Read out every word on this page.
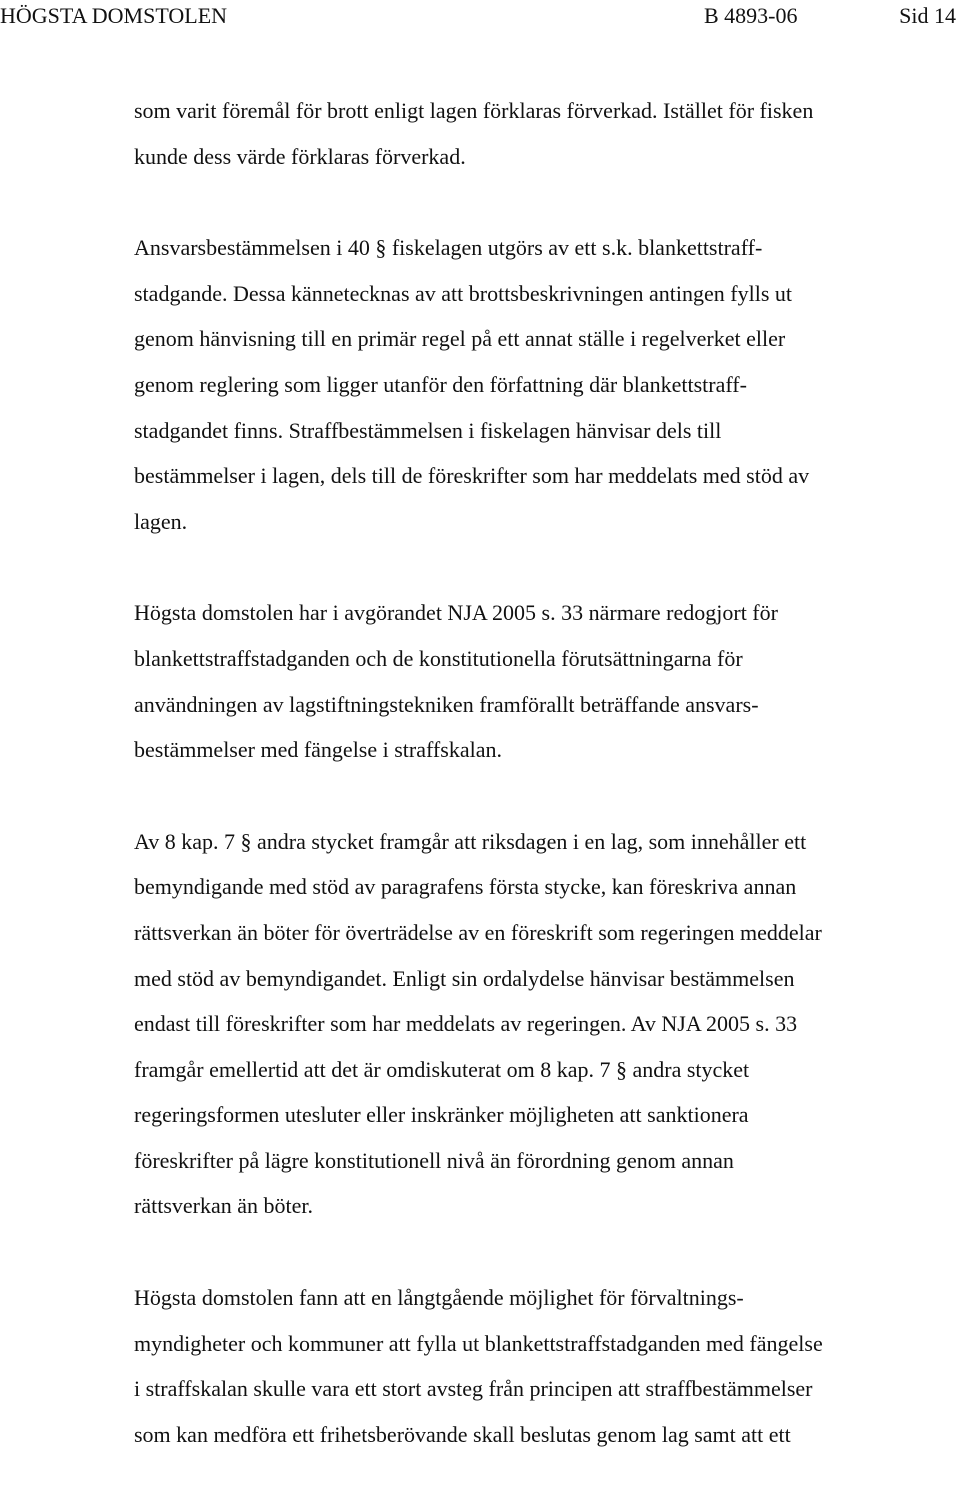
HÖGSTA DOMSTOLEN	B 4893-06	Sid 14
som varit föremål för brott enligt lagen förklaras förverkad. Istället för fisken
kunde dess värde förklaras förverkad.
Ansvarsbestämmelsen i 40 § fiskelagen utgörs av ett s.k. blankettstraff-
stadgande. Dessa kännetecknas av att brottsbeskrivningen antingen fylls ut
genom hänvisning till en primär regel på ett annat ställe i regelverket eller
genom reglering som ligger utanför den författning där blankettstraff-
stadgandet finns. Straffbestämmelsen i fiskelagen hänvisar dels till
bestämmelser i lagen, dels till de föreskrifter som har meddelats med stöd av
lagen.
Högsta domstolen har i avgörandet NJA 2005 s. 33 närmare redogjort för
blankettstraffstadganden och de konstitutionella förutsättningarna för
användningen av lagstiftningstekniken framförallt beträffande ansvars-
bestämmelser med fängelse i straffskalan.
Av 8 kap. 7 § andra stycket framgår att riksdagen i en lag, som innehåller ett
bemyndigande med stöd av paragrafens första stycke, kan föreskriva annan
rättsverkan än böter för överträdelse av en föreskrift som regeringen meddelar
med stöd av bemyndigandet. Enligt sin ordalydelse hänvisar bestämmelsen
endast till föreskrifter som har meddelats av regeringen. Av NJA 2005 s. 33
framgår emellertid att det är omdiskuterat om 8 kap. 7 § andra stycket
regeringsformen utesluter eller inskränker möjligheten att sanktionera
föreskrifter på lägre konstitutionell nivå än förordning genom annan
rättsverkan än böter.
Högsta domstolen fann att en långtgående möjlighet för förvaltnings-
myndigheter och kommuner att fylla ut blankettstraffstadganden med fängelse
i straffskalan skulle vara ett stort avsteg från principen att straffbestämmelser
som kan medföra ett frihetsberövande skall beslutas genom lag samt att ett
